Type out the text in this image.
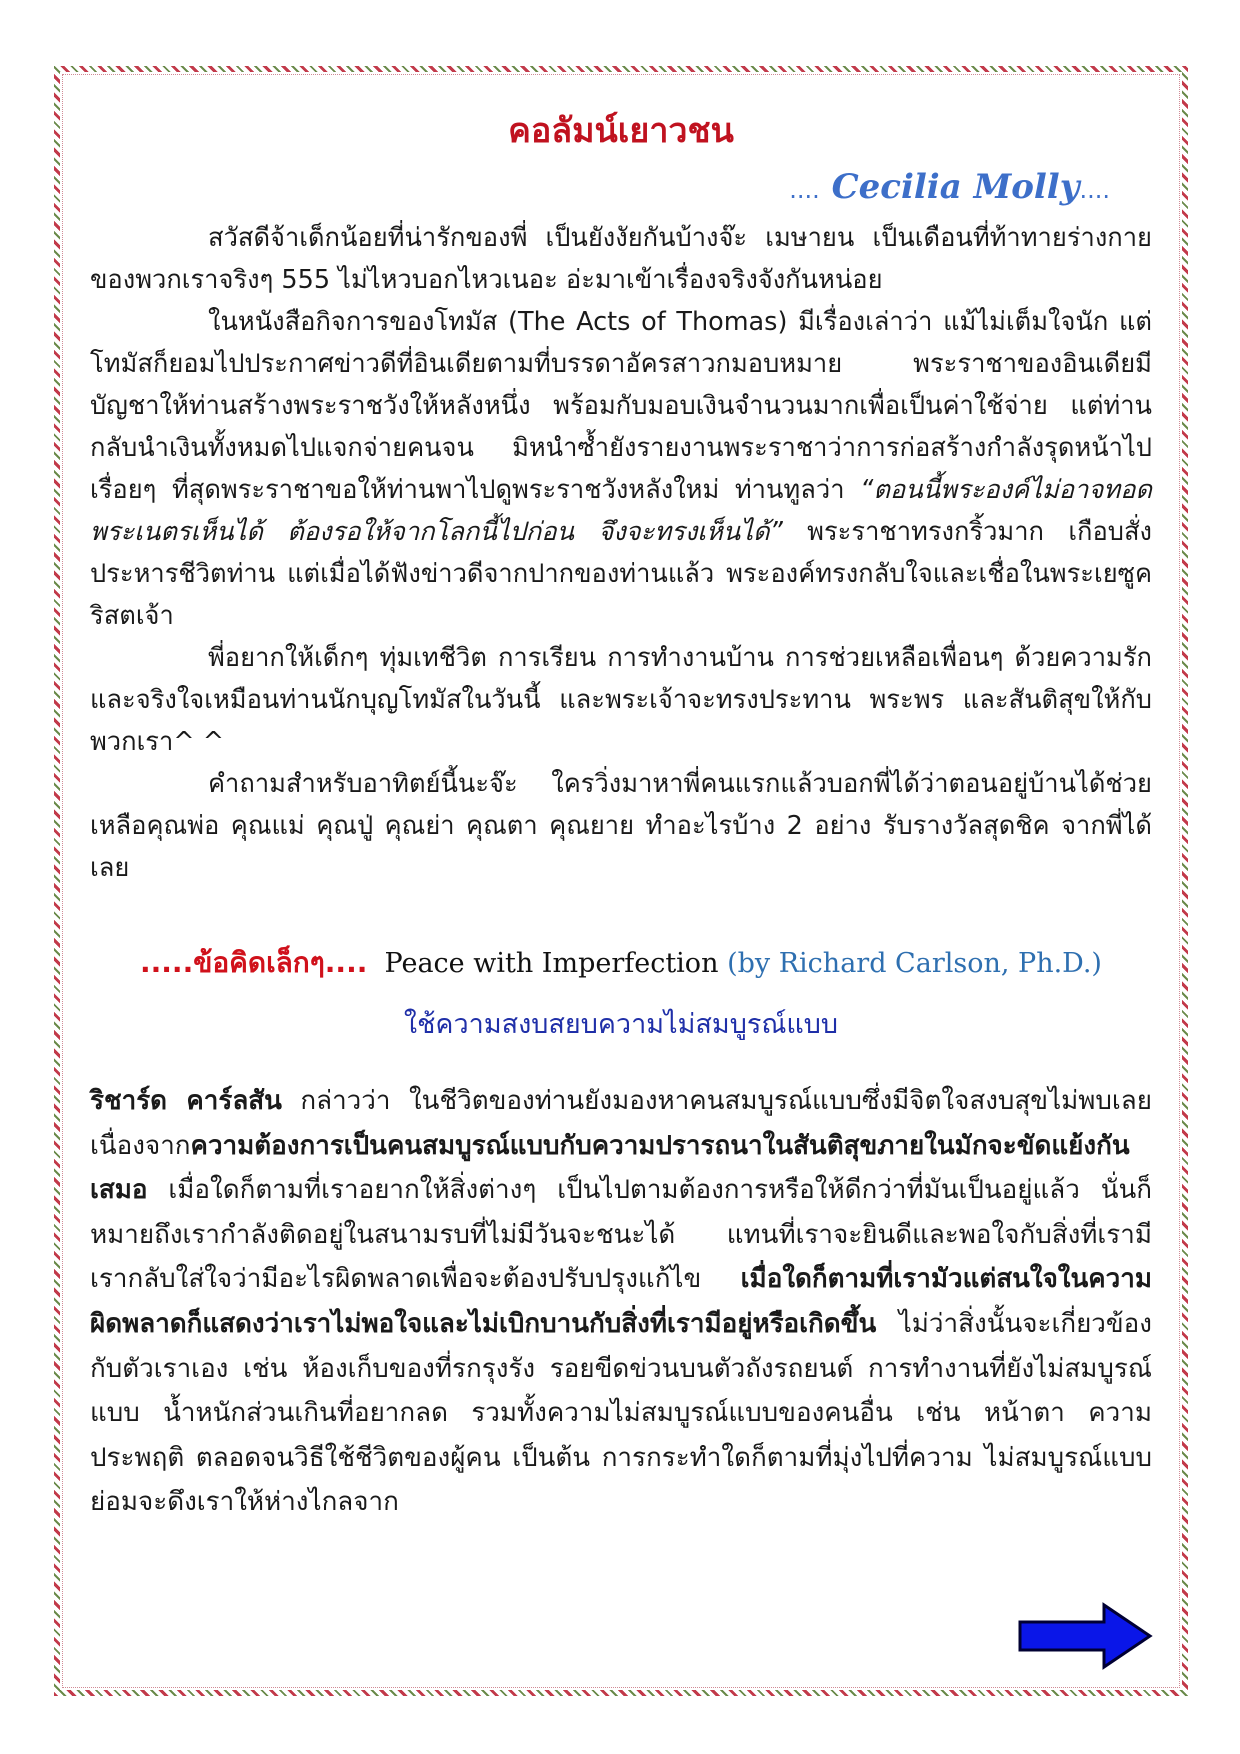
คอลัมน์เยาวชน
.... Cecilia Molly....

สวัสดีจ้าเด็กน้อยที่น่ารักของพี่ เป็นยังงัยกันบ้างจ๊ะ เมษายน เป็นเดือนที่ท้าทายร่างกายของพวกเราจริงๆ 555 ไม่ไหวบอกไหวเนอะ อ่ะมาเข้าเรื่องจริงจังกันหน่อย

ในหนังสือกิจการของโทมัส (The Acts of Thomas) มีเรื่องเล่าว่า แม้ไม่เต็มใจนัก แต่โทมัสก็ยอมไปประกาศข่าวดีที่อินเดียตามที่บรรดาอัครสาวกมอบหมาย พระราชาของอินเดียมีบัญชาให้ท่านสร้างพระราชวังให้หลังหนึ่ง พร้อมกับมอบเงินจำนวนมากเพื่อเป็นค่าใช้จ่าย แต่ท่านกลับนำเงินทั้งหมดไปแจกจ่ายคนจน มิหนำซ้ำยังรายงานพระราชาว่าการก่อสร้างกำลังรุดหน้าไปเรื่อยๆ ที่สุดพระราชาขอให้ท่านพาไปดูพระราชวังหลังใหม่ ท่านทูลว่า “ตอนนี้พระองค์ไม่อาจทอดพระเนตรเห็นได้ ต้องรอให้จากโลกนี้ไปก่อน จึงจะทรงเห็นได้” พระราชาทรงกริ้วมาก เกือบสั่งประหารชีวิตท่าน แต่เมื่อได้ฟังข่าวดีจากปากของท่านแล้ว พระองค์ทรงกลับใจและเชื่อในพระเยซูคริสตเจ้า

พี่อยากให้เด็กๆ ทุ่มเทชีวิต การเรียน การทำงานบ้าน การช่วยเหลือเพื่อนๆ ด้วยความรักและจริงใจเหมือนท่านนักบุญโทมัสในวันนี้ และพระเจ้าจะทรงประทาน พระพร และสันติสุขให้กับพวกเรา^ ^

คำถามสำหรับอาทิตย์นี้นะจ๊ะ ใครวิ่งมาหาพี่คนแรกแล้วบอกพี่ได้ว่าตอนอยู่บ้านได้ช่วยเหลือคุณพ่อ คุณแม่ คุณปู่ คุณย่า คุณตา คุณยาย ทำอะไรบ้าง 2 อย่าง รับรางวัลสุดชิค จากพี่ได้เลย

.....ข้อคิดเล็กๆ.... Peace with Imperfection (by Richard Carlson, Ph.D.)
ใช้ความสงบสยบความไม่สมบูรณ์แบบ

ริชาร์ด คาร์ลสัน กล่าวว่า ในชีวิตของท่านยังมองหาคนสมบูรณ์แบบซึ่งมีจิตใจสงบสุขไม่พบเลย เนื่องจากความต้องการเป็นคนสมบูรณ์แบบกับความปรารถนาในสันติสุขภายในมักจะขัดแย้งกันเสมอ เมื่อใดก็ตามที่เราอยากให้สิ่งต่างๆ เป็นไปตามต้องการหรือให้ดีกว่าที่มันเป็นอยู่แล้ว นั่นก็หมายถึงเรากำลังติดอยู่ในสนามรบที่ไม่มีวันจะชนะได้ แทนที่เราจะยินดีและพอใจกับสิ่งที่เรามี เรากลับใส่ใจว่ามีอะไรผิดพลาดเพื่อจะต้องปรับปรุงแก้ไข เมื่อใดก็ตามที่เรามัวแต่สนใจในความผิดพลาดก็แสดงว่าเราไม่พอใจและไม่เบิกบานกับสิ่งที่เรามีอยู่หรือเกิดขึ้น ไม่ว่าสิ่งนั้นจะเกี่ยวข้องกับตัวเราเอง เช่น ห้องเก็บของที่รกรุงรัง รอยขีดข่วนบนตัวถังรถยนต์ การทำงานที่ยังไม่สมบูรณ์แบบ น้ำหนักส่วนเกินที่อยากลด รวมทั้งความไม่สมบูรณ์แบบของคนอื่น เช่น หน้าตา ความประพฤติ ตลอดจนวิธีใช้ชีวิตของผู้คน เป็นต้น การกระทำใดก็ตามที่มุ่งไปที่ความ ไม่สมบูรณ์แบบ ย่อมจะดึงเราให้ห่างไกลจาก
